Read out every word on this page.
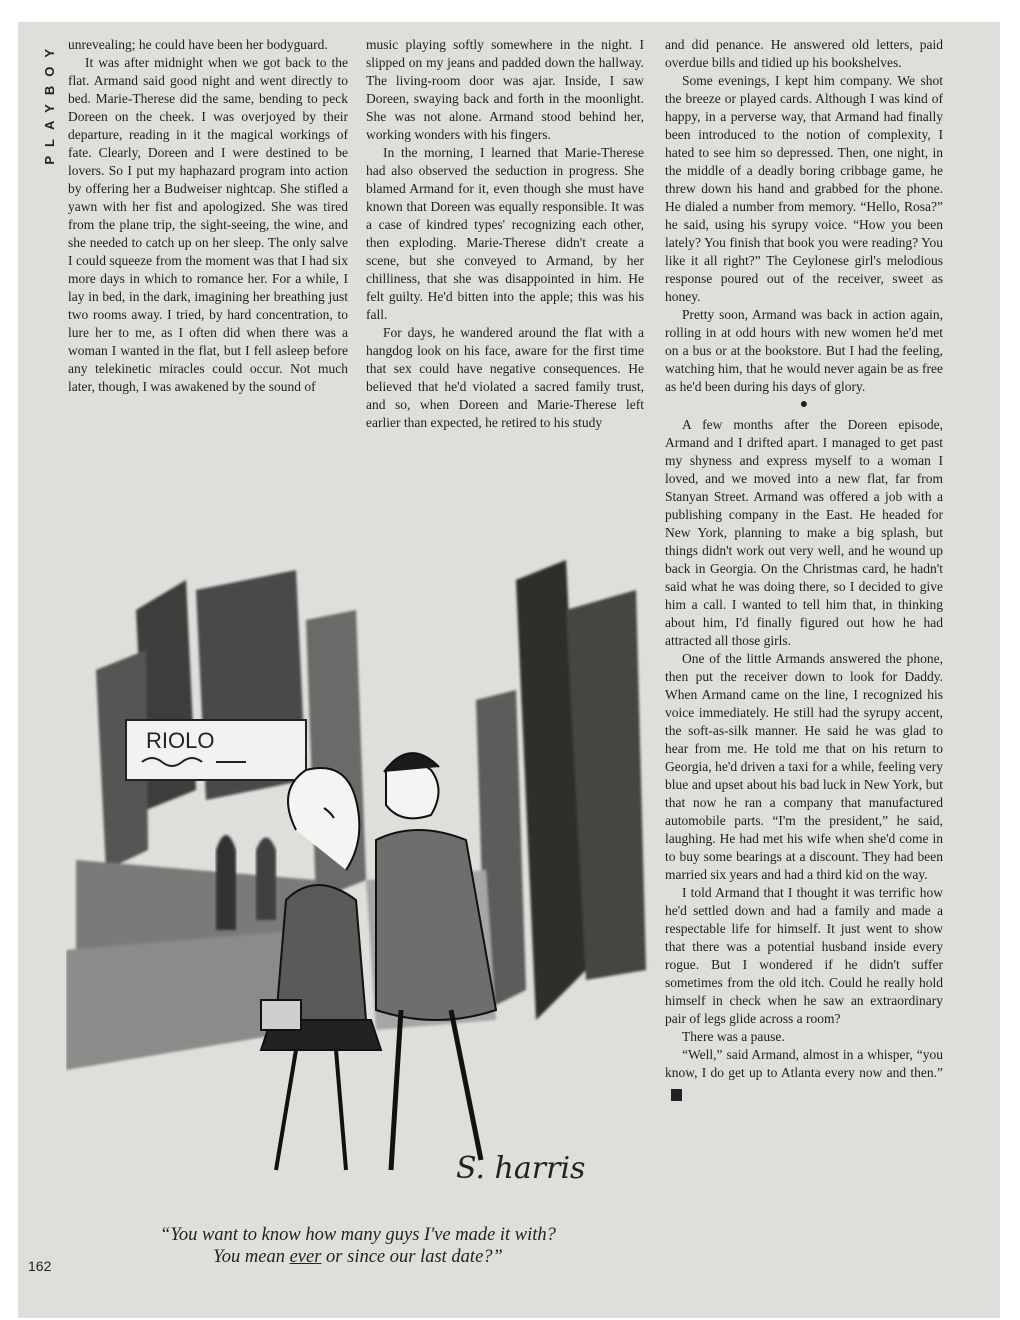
PLAYBOY unrevealing; he could have been her bodyguard.

It was after midnight when we got back to the flat. Armand said good night and went directly to bed. Marie-Therese did the same, bending to peck Doreen on the cheek. I was overjoyed by their departure, reading in it the magical workings of fate. Clearly, Doreen and I were destined to be lovers. So I put my haphazard program into action by offering her a Budweiser nightcap. She stifled a yawn with her fist and apologized. She was tired from the plane trip, the sight-seeing, the wine, and she needed to catch up on her sleep. The only salve I could squeeze from the moment was that I had six more days in which to romance her. For a while, I lay in bed, in the dark, imagining her breathing just two rooms away. I tried, by hard concentration, to lure her to me, as I often did when there was a woman I wanted in the flat, but I fell asleep before any telekinetic miracles could occur. Not much later, though, I was awakened by the sound of

music playing softly somewhere in the night. I slipped on my jeans and padded down the hallway. The living-room door was ajar. Inside, I saw Doreen, swaying back and forth in the moonlight. She was not alone. Armand stood behind her, working wonders with his fingers.

In the morning, I learned that Marie-Therese had also observed the seduction in progress. She blamed Armand for it, even though she must have known that Doreen was equally responsible. It was a case of kindred types' recognizing each other, then exploding. Marie-Therese didn't create a scene, but she conveyed to Armand, by her chilliness, that she was disappointed in him. He felt guilty. He'd bitten into the apple; this was his fall.

For days, he wandered around the flat with a hangdog look on his face, aware for the first time that sex could have negative consequences. He believed that he'd violated a sacred family trust, and so, when Doreen and Marie-Therese left earlier than expected, he retired to his study

and did penance. He answered old letters, paid overdue bills and tidied up his bookshelves.

Some evenings, I kept him company. We shot the breeze or played cards. Although I was kind of happy, in a perverse way, that Armand had finally been introduced to the notion of complexity, I hated to see him so depressed. Then, one night, in the middle of a deadly boring cribbage game, he threw down his hand and grabbed for the phone. He dialed a number from memory. “Hello, Rosa?” he said, using his syrupy voice. “How you been lately? You finish that book you were reading? You like it all right?” The Ceylonese girl's melodious response poured out of the receiver, sweet as honey.

Pretty soon, Armand was back in action again, rolling in at odd hours with new women he'd met on a bus or at the bookstore. But I had the feeling, watching him, that he would never again be as free as he'd been during his days of glory.

●

A few months after the Doreen episode, Armand and I drifted apart. I managed to get past my shyness and express myself to a woman I loved, and we moved into a new flat, far from Stanyan Street. Armand was offered a job with a publishing company in the East. He headed for New York, planning to make a big splash, but things didn't work out very well, and he wound up back in Georgia. On the Christmas card, he hadn't said what he was doing there, so I decided to give him a call. I wanted to tell him that, in thinking about him, I'd finally figured out how he had attracted all those girls.

One of the little Armands answered the phone, then put the receiver down to look for Daddy. When Armand came on the line, I recognized his voice immediately. He still had the syrupy accent, the soft-as-silk manner. He said he was glad to hear from me. He told me that on his return to Georgia, he'd driven a taxi for a while, feeling very blue and upset about his bad luck in New York, but that now he ran a company that manufactured automobile parts. “I'm the president,” he said, laughing. He had met his wife when she'd come in to buy some bearings at a discount. They had been married six years and had a third kid on the way.

I told Armand that I thought it was terrific how he'd settled down and had a family and made a respectable life for himself. It just went to show that there was a potential husband inside every rogue. But I wondered if he didn't suffer sometimes from the old itch. Could he really hold himself in check when he saw an extraordinary pair of legs glide across a room?

There was a pause.

“Well,” said Armand, almost in a whisper, “you know, I do get up to Atlanta every now and then.”●

RIOLO
S. harris
“You want to know how many guys I've made it with?
You mean ever or since our last date?”
162
